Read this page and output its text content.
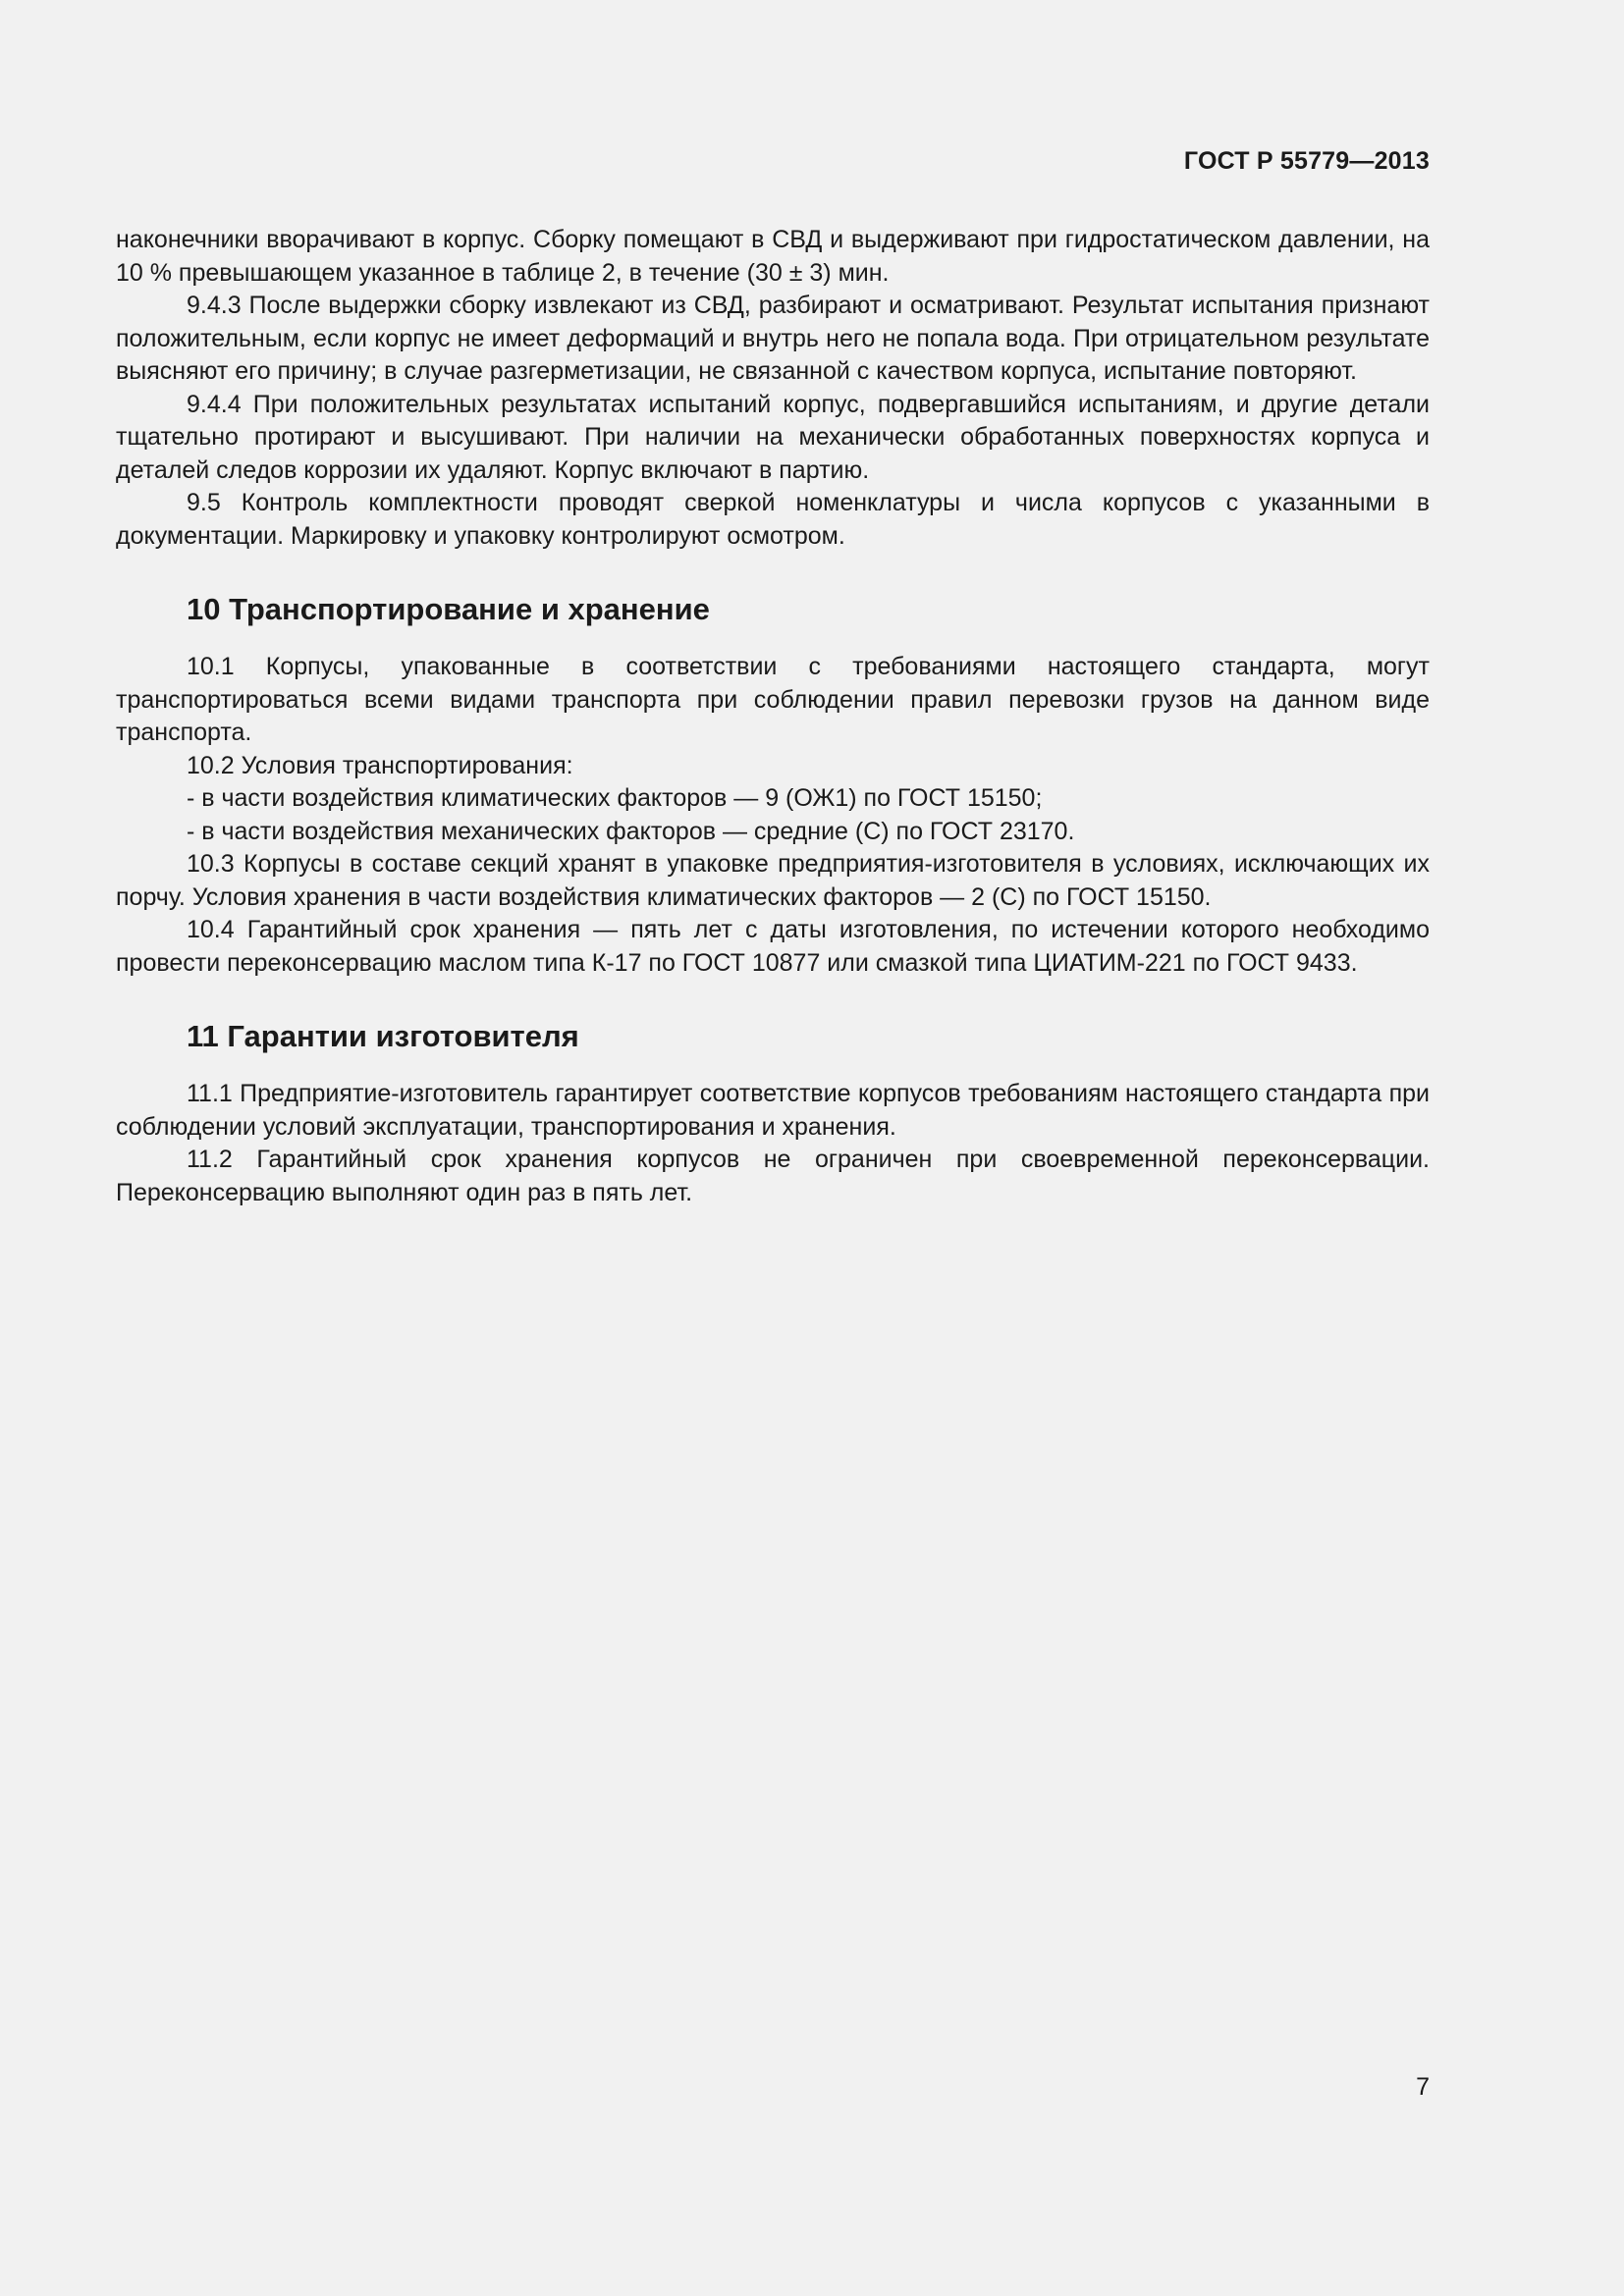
ГОСТ Р 55779—2013

наконечники вворачивают в корпус. Сборку помещают в СВД и выдерживают при гидростатическом давлении, на 10 % превышающем указанное в таблице 2, в течение (30 ± 3) мин.

9.4.3 После выдержки сборку извлекают из СВД, разбирают и осматривают. Результат испытания признают положительным, если корпус не имеет деформаций и внутрь него не попала вода. При отрицательном результате выясняют его причину; в случае разгерметизации, не связанной с качеством корпуса, испытание повторяют.

9.4.4 При положительных результатах испытаний корпус, подвергавшийся испытаниям, и другие детали тщательно протирают и высушивают. При наличии на механически обработанных поверхностях корпуса и деталей следов коррозии их удаляют. Корпус включают в партию.

9.5 Контроль комплектности проводят сверкой номенклатуры и числа корпусов с указанными в документации. Маркировку и упаковку контролируют осмотром.

10 Транспортирование и хранение

10.1 Корпусы, упакованные в соответствии с требованиями настоящего стандарта, могут транспортироваться всеми видами транспорта при соблюдении правил перевозки грузов на данном виде транспорта.

10.2 Условия транспортирования:

- в части воздействия климатических факторов — 9 (ОЖ1) по ГОСТ 15150;

- в части воздействия механических факторов — средние (С) по ГОСТ 23170.

10.3 Корпусы в составе секций хранят в упаковке предприятия-изготовителя в условиях, исключающих их порчу. Условия хранения в части воздействия климатических факторов — 2 (С) по ГОСТ 15150.

10.4 Гарантийный срок хранения — пять лет с даты изготовления, по истечении которого необходимо провести переконсервацию маслом типа К-17 по ГОСТ 10877 или смазкой типа ЦИАТИМ-221 по ГОСТ 9433.

11 Гарантии изготовителя

11.1 Предприятие-изготовитель гарантирует соответствие корпусов требованиям настоящего стандарта при соблюдении условий эксплуатации, транспортирования и хранения.

11.2 Гарантийный срок хранения корпусов не ограничен при своевременной переконсервации. Переконсервацию выполняют один раз в пять лет.

7
